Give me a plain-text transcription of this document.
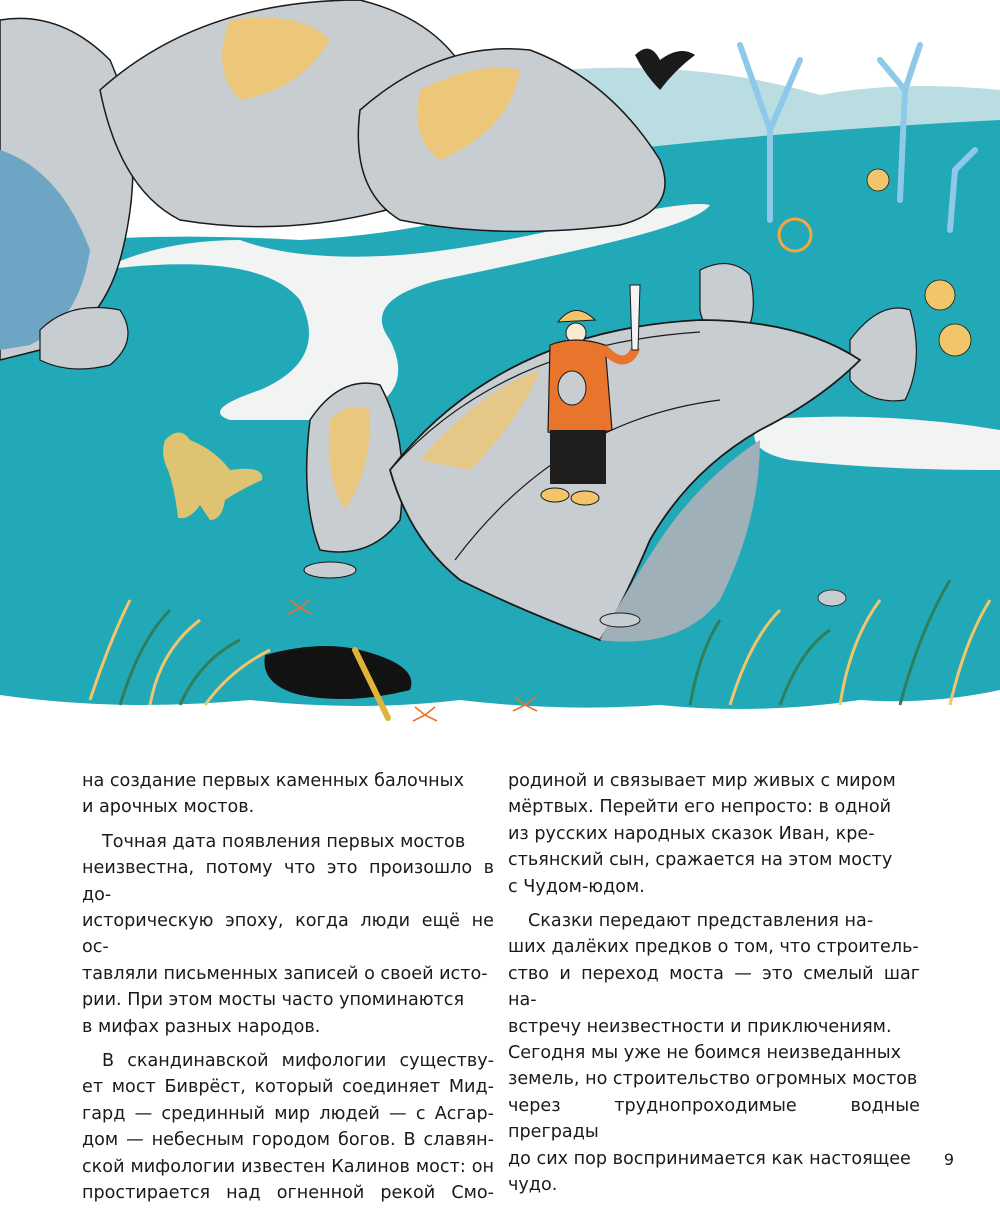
на создание первых каменных балочных
и арочных мостов.

Точная дата появления первых мостов
неизвестна, потому что это произошло в до-
историческую эпоху, когда люди ещё не ос-
тавляли письменных записей о своей исто-
рии. При этом мосты часто упоминаются
в мифах разных народов.

В скандинавской мифологии существу-
ет мост Биврёст, который соединяет Мид-
гард — срединный мир людей — с Асгар-
дом — небесным городом богов. В славян-
ской мифологии известен Калинов мост: он
простирается над огненной рекой Смо-

родиной и связывает мир живых с миром
мёртвых. Перейти его непросто: в одной
из русских народных сказок Иван, кре-
стьянский сын, сражается на этом мосту
с Чудом-юдом.

Сказки передают представления на-
ших далёких предков о том, что строитель-
ство и переход моста — это смелый шаг на-
встречу неизвестности и приключениям.
Сегодня мы уже не боимся неизведанных
земель, но строительство огромных мостов
через труднопроходимые водные преграды
до сих пор воспринимается как настоящее
чудо.

9
